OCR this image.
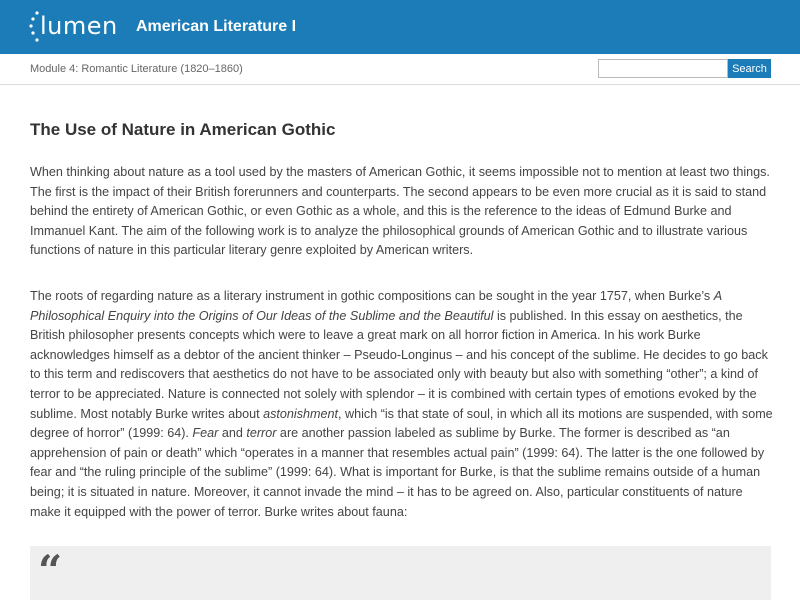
lumen American Literature I
Module 4: Romantic Literature (1820–1860)	Search
The Use of Nature in American Gothic

When thinking about nature as a tool used by the masters of American Gothic, it seems impossible not to mention at least two things. The first is the impact of their British forerunners and counterparts. The second appears to be even more crucial as it is said to stand behind the entirety of American Gothic, or even Gothic as a whole, and this is the reference to the ideas of Edmund Burke and Immanuel Kant. The aim of the following work is to analyze the philosophical grounds of American Gothic and to illustrate various functions of nature in this particular literary genre exploited by American writers.

The roots of regarding nature as a literary instrument in gothic compositions can be sought in the year 1757, when Burke’s A Philosophical Enquiry into the Origins of Our Ideas of the Sublime and the Beautiful is published. In this essay on aesthetics, the British philosopher presents concepts which were to leave a great mark on all horror fiction in America. In his work Burke acknowledges himself as a debtor of the ancient thinker – Pseudo-Longinus – and his concept of the sublime. He decides to go back to this term and rediscovers that aesthetics do not have to be associated only with beauty but also with something “other”; a kind of terror to be appreciated. Nature is connected not solely with splendor – it is combined with certain types of emotions evoked by the sublime. Most notably Burke writes about astonishment, which “is that state of soul, in which all its motions are suspended, with some degree of horror” (1999: 64). Fear and terror are another passion labeled as sublime by Burke. The former is described as “an apprehension of pain or death” which “operates in a manner that resembles actual pain” (1999: 64). The latter is the one followed by fear and “the ruling principle of the sublime” (1999: 64). What is important for Burke, is that the sublime remains outside of a human being; it is situated in nature. Moreover, it cannot invade the mind – it has to be agreed on. Also, particular constituents of nature make it equipped with the power of terror. Burke writes about fauna:

“
